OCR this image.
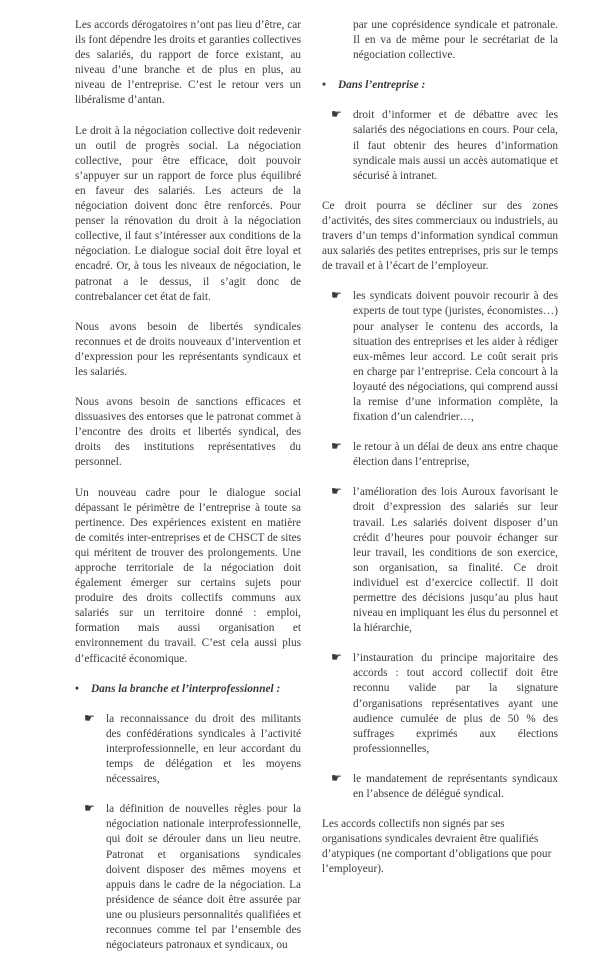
Les accords dérogatoires n’ont pas lieu d’être, car ils font dépendre les droits et garanties collectives des salariés, du rapport de force existant, au niveau d’une branche et de plus en plus, au niveau de l’entreprise. C’est le retour vers un libéralisme d’antan.

Le droit à la négociation collective doit redevenir un outil de progrès social. La négociation collective, pour être efficace, doit pouvoir s’appuyer sur un rapport de force plus équilibré en faveur des salariés. Les acteurs de la négociation doivent donc être renforcés. Pour penser la rénovation du droit à la négociation collective, il faut s’intéresser aux conditions de la négociation. Le dialogue social doit être loyal et encadré. Or, à tous les niveaux de négociation, le patronat a le dessus, il s’agit donc de contrebalancer cet état de fait.

Nous avons besoin de libertés syndicales reconnues et de droits nouveaux d’intervention et d’expression pour les représentants syndicaux et les salariés.

Nous avons besoin de sanctions efficaces et dissuasives des entorses que le patronat commet à l’encontre des droits et libertés syndical, des droits des institutions représentatives du personnel.

Un nouveau cadre pour le dialogue social dépassant le périmètre de l’entreprise à toute sa pertinence. Des expériences existent en matière de comités inter-entreprises et de CHSCT de sites qui méritent de trouver des prolongements. Une approche territoriale de la négociation doit également émerger sur certains sujets pour produire des droits collectifs communs aux salariés sur un territoire donné : emploi, formation mais aussi organisation et environnement du travail. C’est cela aussi plus d’efficacité économique.

• Dans la branche et l’interprofessionnel :
☛ la reconnaissance du droit des militants des confédérations syndicales à l’activité interprofessionnelle, en leur accordant du temps de délégation et les moyens nécessaires,
☛ la définition de nouvelles règles pour la négociation nationale interprofessionnelle, qui doit se dérouler dans un lieu neutre. Patronat et organisations syndicales doivent disposer des mêmes moyens et appuis dans le cadre de la négociation. La présidence de séance doit être assurée par une ou plusieurs personnalités qualifiées et reconnues comme tel par l’ensemble des négociateurs patronaux et syndicaux, ou
par une coprésidence syndicale et patronale. Il en va de même pour le secrétariat de la négociation collective.
• Dans l’entreprise :
☛ droit d’informer et de débattre avec les salariés des négociations en cours. Pour cela, il faut obtenir des heures d’information syndicale mais aussi un accès automatique et sécurisé à intranet.

Ce droit pourra se décliner sur des zones d’activités, des sites commerciaux ou industriels, au travers d’un temps d’information syndical commun aux salariés des petites entreprises, pris sur le temps de travail et à l’écart de l’employeur.

☛ les syndicats doivent pouvoir recourir à des experts de tout type (juristes, économistes…) pour analyser le contenu des accords, la situation des entreprises et les aider à rédiger eux-mêmes leur accord. Le coût serait pris en charge par l’entreprise. Cela concourt à la loyauté des négociations, qui comprend aussi la remise d’une information complète, la fixation d’un calendrier…,
☛ le retour à un délai de deux ans entre chaque élection dans l’entreprise,
☛ l’amélioration des lois Auroux favorisant le droit d’expression des salariés sur leur travail. Les salariés doivent disposer d’un crédit d’heures pour pouvoir échanger sur leur travail, les conditions de son exercice, son organisation, sa finalité. Ce droit individuel est d’exercice collectif. Il doit permettre des décisions jusqu’au plus haut niveau en impliquant les élus du personnel et la hiérarchie,
☛ l’instauration du principe majoritaire des accords : tout accord collectif doit être reconnu valide par la signature d’organisations représentatives ayant une audience cumulée de plus de 50 % des suffrages exprimés aux élections professionnelles,
☛ le mandatement de représentants syndicaux en l’absence de délégué syndical.

Les accords collectifs non signés par ses organisations syndicales devraient être qualifiés d’atypiques (ne comportant d’obligations que pour l’employeur).
